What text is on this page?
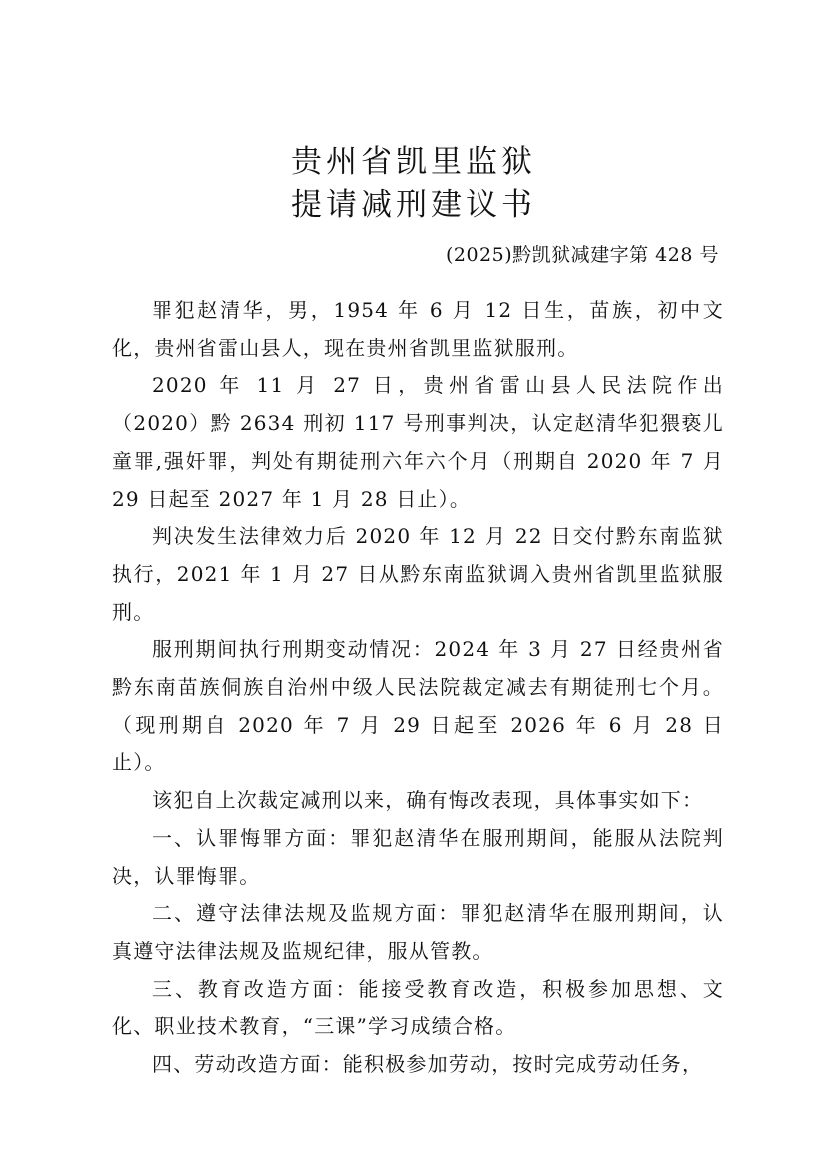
贵州省凯里监狱
提请减刑建议书
(2025)黔凯狱减建字第 428 号

罪犯赵清华，男，1954 年 6 月 12 日生，苗族，初中文化，贵州省雷山县人，现在贵州省凯里监狱服刑。

2020 年 11 月 27 日，贵州省雷山县人民法院作出（2020）黔 2634 刑初 117 号刑事判决，认定赵清华犯猥亵儿童罪,强奸罪，判处有期徒刑六年六个月（刑期自 2020 年 7 月 29 日起至 2027 年 1 月 28 日止）。

判决发生法律效力后 2020 年 12 月 22 日交付黔东南监狱执行，2021 年 1 月 27 日从黔东南监狱调入贵州省凯里监狱服刑。

服刑期间执行刑期变动情况：2024 年 3 月 27 日经贵州省黔东南苗族侗族自治州中级人民法院裁定减去有期徒刑七个月。（现刑期自 2020 年 7 月 29 日起至 2026 年 6 月 28 日止）。

该犯自上次裁定减刑以来，确有悔改表现，具体事实如下：

一、认罪悔罪方面：罪犯赵清华在服刑期间，能服从法院判决，认罪悔罪。

二、遵守法律法规及监规方面：罪犯赵清华在服刑期间，认真遵守法律法规及监规纪律，服从管教。

三、教育改造方面：能接受教育改造，积极参加思想、文化、职业技术教育，“三课”学习成绩合格。

四、劳动改造方面：能积极参加劳动，按时完成劳动任务，
